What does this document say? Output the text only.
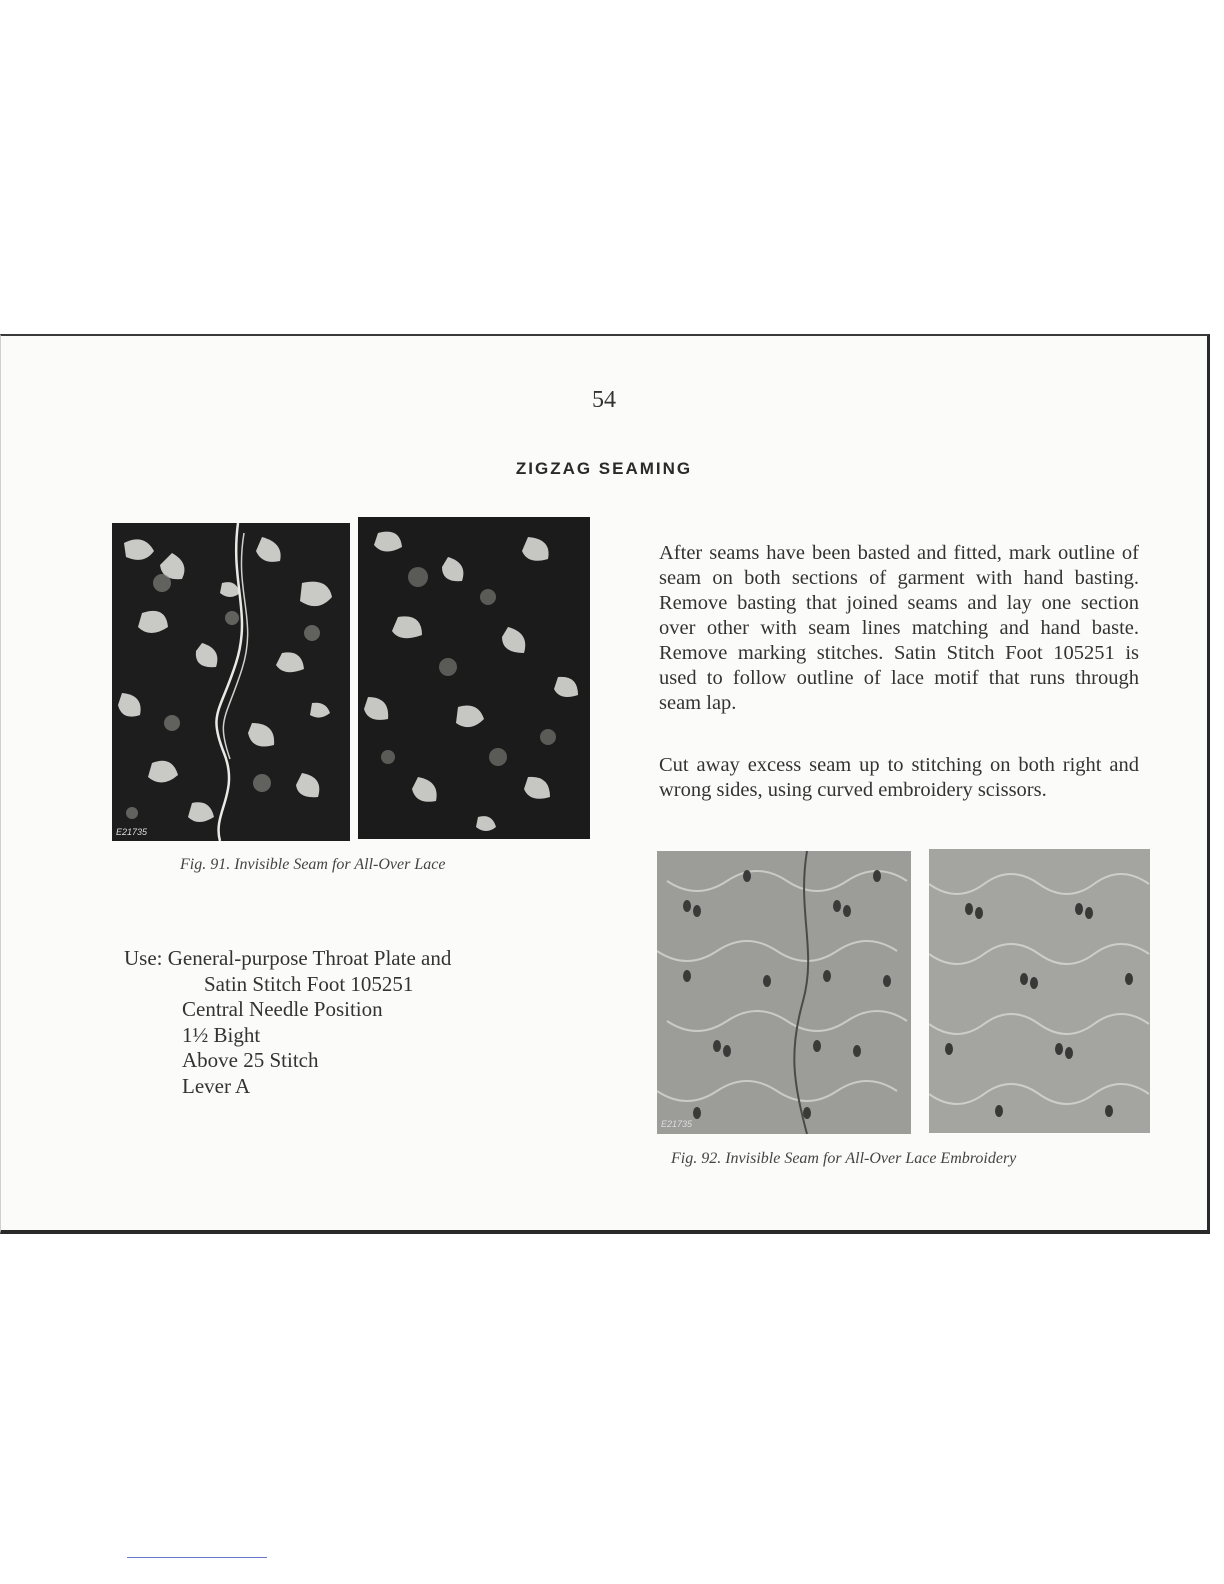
54
ZIGZAG SEAMING
E21735
Fig. 91. Invisible Seam for All-Over Lace
Use: General-purpose Throat Plate and
Satin Stitch Foot 105251
Central Needle Position
1½ Bight
Above 25 Stitch
Lever A

After seams have been basted and fitted, mark outline of seam on both sections of garment with hand basting. Remove basting that joined seams and lay one section over other with seam lines matching and hand baste. Remove marking stitches. Satin Stitch Foot 105251 is used to follow outline of lace motif that runs through seam lap.

Cut away excess seam up to stitching on both right and wrong sides, using curved embroidery scissors.

E21735
Fig. 92. Invisible Seam for All-Over Lace Embroidery
